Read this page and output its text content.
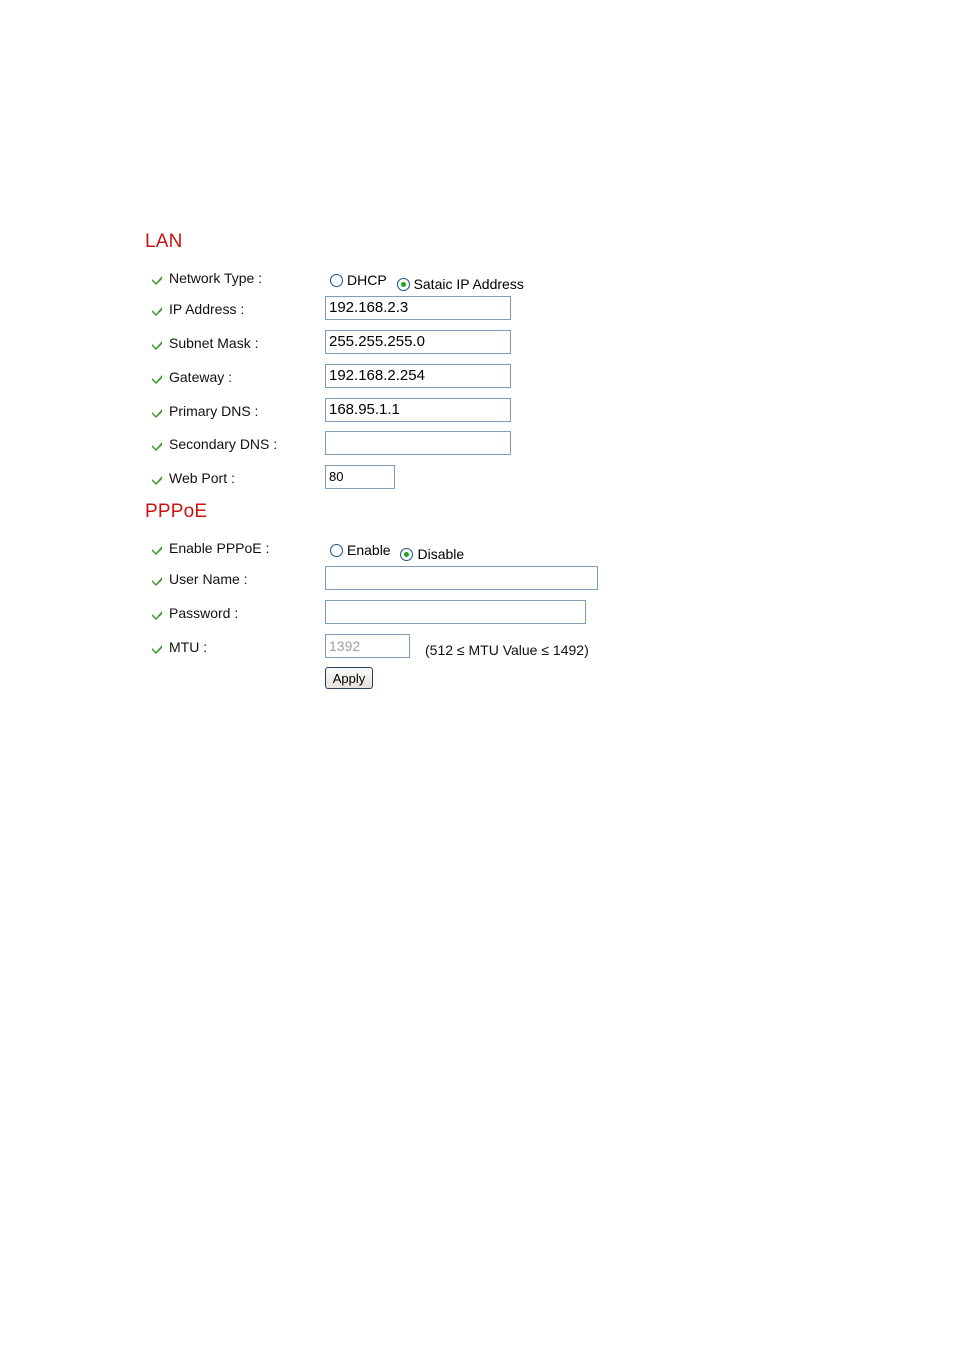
LAN
Network Type :	DHCP
Sataic IP Address
IP Address :	192.168.2.3
Subnet Mask :	255.255.255.0
Gateway :	192.168.2.254
Primary DNS :	168.95.1.1
Secondary DNS :
Web Port :	80
PPPoE
Enable PPPoE :	Enable
Disable
User Name :
Password :
MTU :	1392	(512 ≤ MTU Value ≤ 1492)
Apply
